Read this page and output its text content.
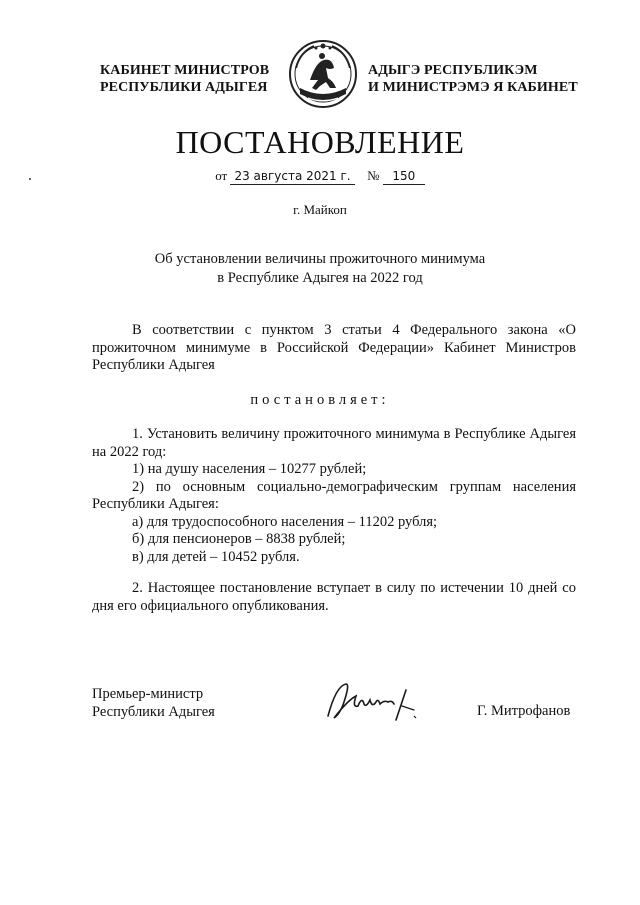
КАБИНЕТ МИНИСТРОВ
РЕСПУБЛИКИ АДЫГЕЯ
АДЫГЭ РЕСПУБЛИКЭМ
И МИНИСТРЭМЭ Я КАБИНЕТ
ПОСТАНОВЛЕНИЕ
от 23 августа 2021 г. № 150
г. Майкоп
Об установлении величины прожиточного минимума
в Республике Адыгея на 2022 год

В соответствии с пунктом 3 статьи 4 Федерального закона «О прожиточном минимуме в Российской Федерации» Кабинет Министров Республики Адыгея

постановляет:

1. Установить величину прожиточного минимума в Республике Адыгея на 2022 год:

1) на душу населения – 10277 рублей;

2) по основным социально-демографическим группам населения Республики Адыгея:

а) для трудоспособного населения – 11202 рубля;

б) для пенсионеров – 8838 рублей;

в) для детей – 10452 рубля.

2. Настоящее постановление вступает в силу по истечении 10 дней со дня его официального опубликования.

Премьер-министр
Республики Адыгея	Г. Митрофанов
